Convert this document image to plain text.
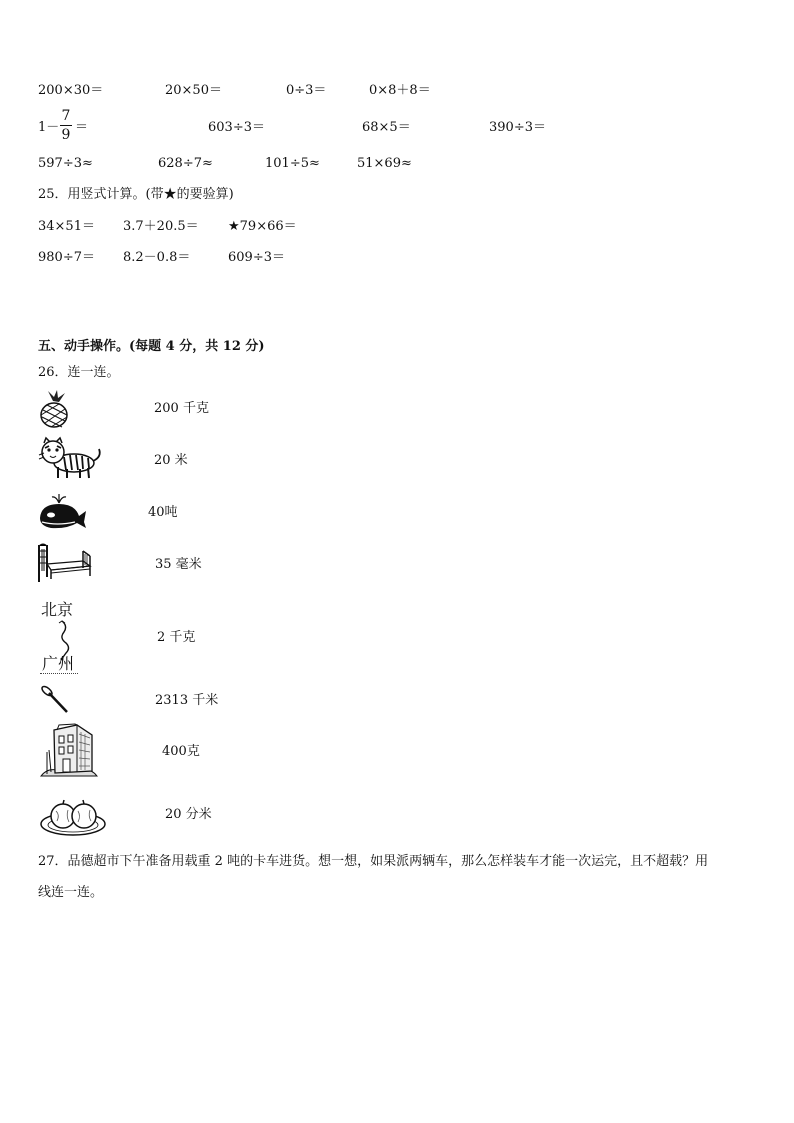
200×30＝	20×50＝	0÷3＝	0×8＋8＝
1－
7
9 ＝	603÷3＝	68×5＝	390÷3＝
597÷3≈	628÷7≈	101÷5≈	51×69≈
25．用竖式计算。(带★的要验算)
34×51＝ 3.7＋20.5＝ ★79×66＝
980÷7＝ 8.2－0.8＝	609÷3＝
五、动手操作。(每题 4 分，共 12 分)
26．连一连。
北京
广州
200 千克
20 米
40吨
35 毫米
2 千克
2313 千米
400克
20 分米
27．品德超市下午准备用载重 2 吨的卡车进货。想一想，如果派两辆车，那么怎样装车才能一次运完，且不超载？用
线连一连。
